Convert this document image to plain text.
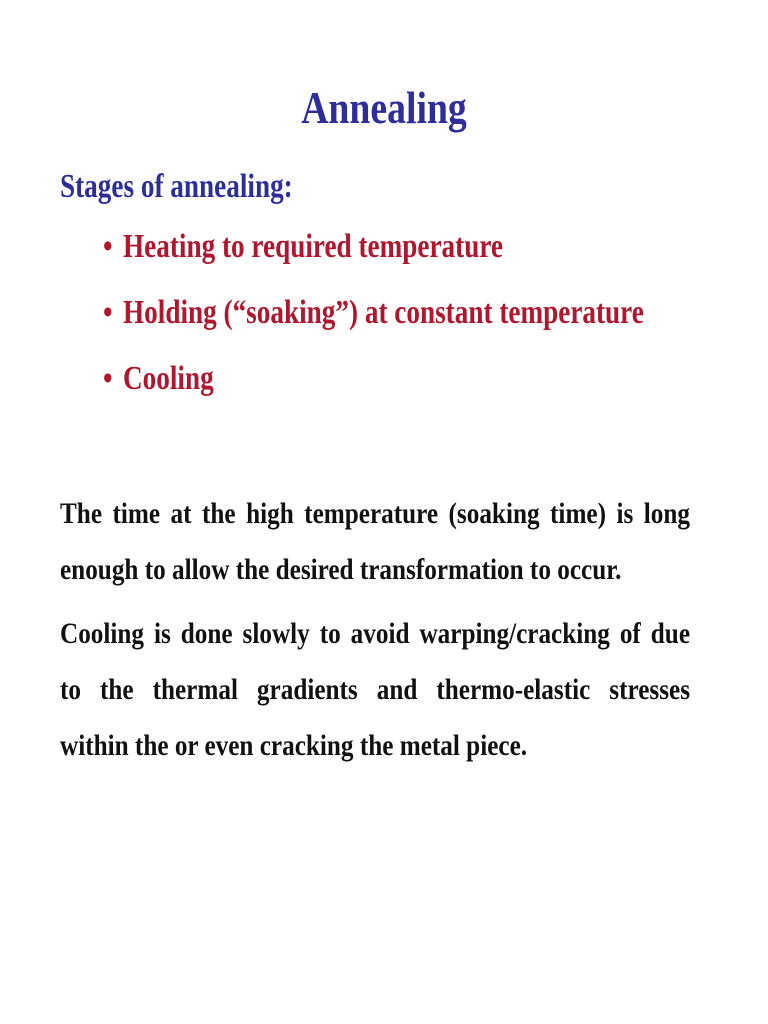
Annealing

Stages of annealing:

• Heating to required temperature
• Holding (“soaking”) at constant temperature
• Cooling
The time at the high temperature (soaking time) is long
enough to allow the desired transformation to occur.
Cooling is done slowly to avoid warping/cracking of due
to the thermal gradients and thermo-elastic stresses
within the or even cracking the metal piece.
